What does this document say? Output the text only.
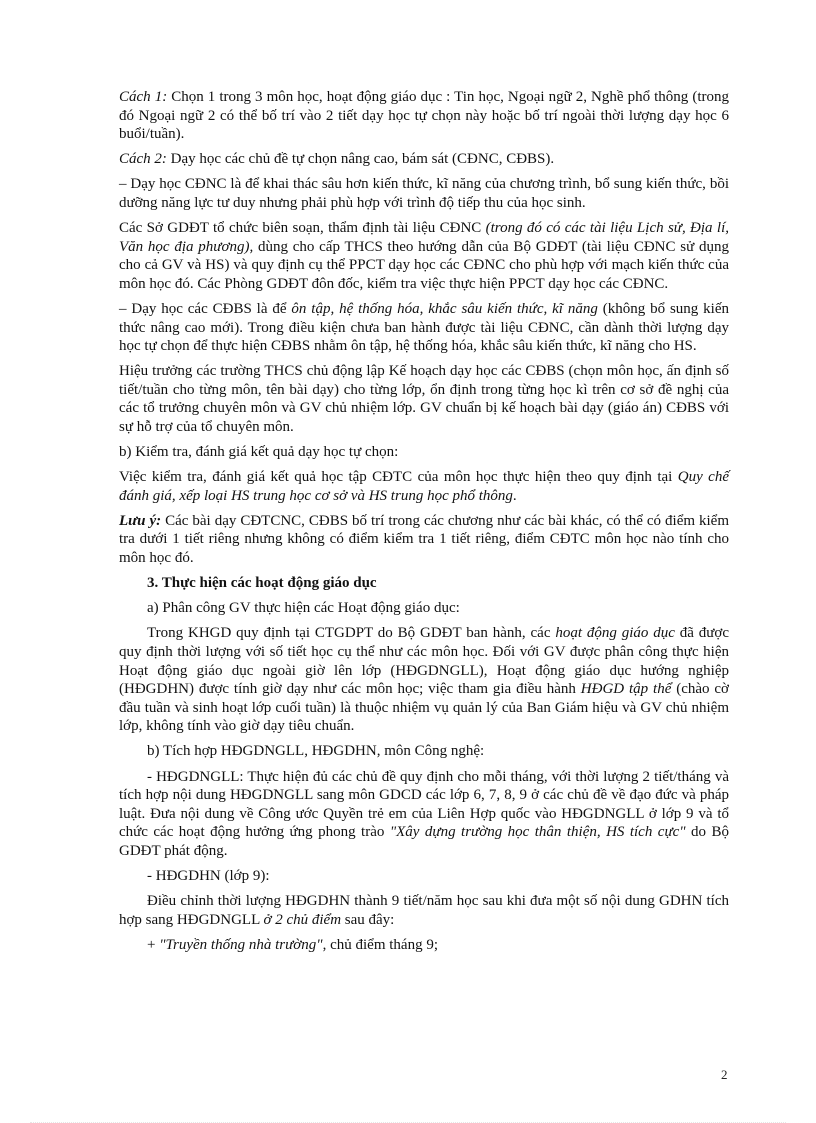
Cách 1: Chọn 1 trong 3 môn học, hoạt động giáo dục : Tin học, Ngoại ngữ 2, Nghề phổ thông (trong đó Ngoại ngữ 2 có thể bố trí vào 2 tiết dạy học tự chọn này hoặc bố trí ngoài thời lượng dạy học 6 buổi/tuần).

Cách 2: Dạy học các chủ đề tự chọn nâng cao, bám sát (CĐNC, CĐBS).

– Dạy học CĐNC là để khai thác sâu hơn kiến thức, kĩ năng của chương trình, bổ sung kiến thức, bồi dưỡng năng lực tư duy nhưng phải phù hợp với trình độ tiếp thu của học sinh.

Các Sở GDĐT tổ chức biên soạn, thẩm định tài liệu CĐNC (trong đó có các tài liệu Lịch sử, Địa lí, Văn học địa phương), dùng cho cấp THCS theo hướng dẫn của Bộ GDĐT (tài liệu CĐNC sử dụng cho cả GV và HS) và quy định cụ thể PPCT dạy học các CĐNC cho phù hợp với mạch kiến thức của môn học đó. Các Phòng GDĐT đôn đốc, kiểm tra việc thực hiện PPCT dạy học các CĐNC.

– Dạy học các CĐBS là để ôn tập, hệ thống hóa, khắc sâu kiến thức, kĩ năng (không bổ sung kiến thức nâng cao mới). Trong điều kiện chưa ban hành được tài liệu CĐNC, cần dành thời lượng dạy học tự chọn để thực hiện CĐBS nhằm ôn tập, hệ thống hóa, khắc sâu kiến thức, kĩ năng cho HS.

Hiệu trưởng các trường THCS chủ động lập Kế hoạch dạy học các CĐBS (chọn môn học, ấn định số tiết/tuần cho từng môn, tên bài dạy) cho từng lớp, ổn định trong từng học kì trên cơ sở đề nghị của các tổ trưởng chuyên môn và GV chủ nhiệm lớp. GV chuẩn bị kế hoạch bài dạy (giáo án) CĐBS với sự hỗ trợ của tổ chuyên môn.

b) Kiểm tra, đánh giá kết quả dạy học tự chọn:

Việc kiểm tra, đánh giá kết quả học tập CĐTC của môn học thực hiện theo quy định tại Quy chế đánh giá, xếp loại HS trung học cơ sở và HS trung học phổ thông.

Lưu ý: Các bài dạy CĐTCNC, CĐBS bố trí trong các chương như các bài khác, có thể có điểm kiểm tra dưới 1 tiết riêng nhưng không có điểm kiểm tra 1 tiết riêng, điểm CĐTC môn học nào tính cho môn học đó.

3. Thực hiện các hoạt động giáo dục

a) Phân công GV thực hiện các Hoạt động giáo dục:

Trong KHGD quy định tại CTGDPT do Bộ GDĐT ban hành, các hoạt động giáo dục đã được quy định thời lượng với số tiết học cụ thể như các môn học. Đối với GV được phân công thực hiện Hoạt động giáo dục ngoài giờ lên lớp (HĐGDNGLL), Hoạt động giáo dục hướng nghiệp (HĐGDHN) được tính giờ dạy như các môn học; việc tham gia điều hành HĐGD tập thể (chào cờ đầu tuần và sinh hoạt lớp cuối tuần) là thuộc nhiệm vụ quản lý của Ban Giám hiệu và GV chủ nhiệm lớp, không tính vào giờ dạy tiêu chuẩn.

b) Tích hợp HĐGDNGLL, HĐGDHN, môn Công nghệ:

- HĐGDNGLL: Thực hiện đủ các chủ đề quy định cho mỗi tháng, với thời lượng 2 tiết/tháng và tích hợp nội dung HĐGDNGLL sang môn GDCD các lớp 6, 7, 8, 9 ở các chủ đề về đạo đức và pháp luật. Đưa nội dung về Công ước Quyền trẻ em của Liên Hợp quốc vào HĐGDNGLL ở lớp 9 và tổ chức các hoạt động hưởng ứng phong trào "Xây dựng trường học thân thiện, HS tích cực" do Bộ GDĐT phát động.

- HĐGDHN (lớp 9):

Điều chỉnh thời lượng HĐGDHN thành 9 tiết/năm học sau khi đưa một số nội dung GDHN tích hợp sang HĐGDNGLL ở 2 chủ điểm sau đây:

+ "Truyền thống nhà trường", chủ điểm tháng 9;

2
